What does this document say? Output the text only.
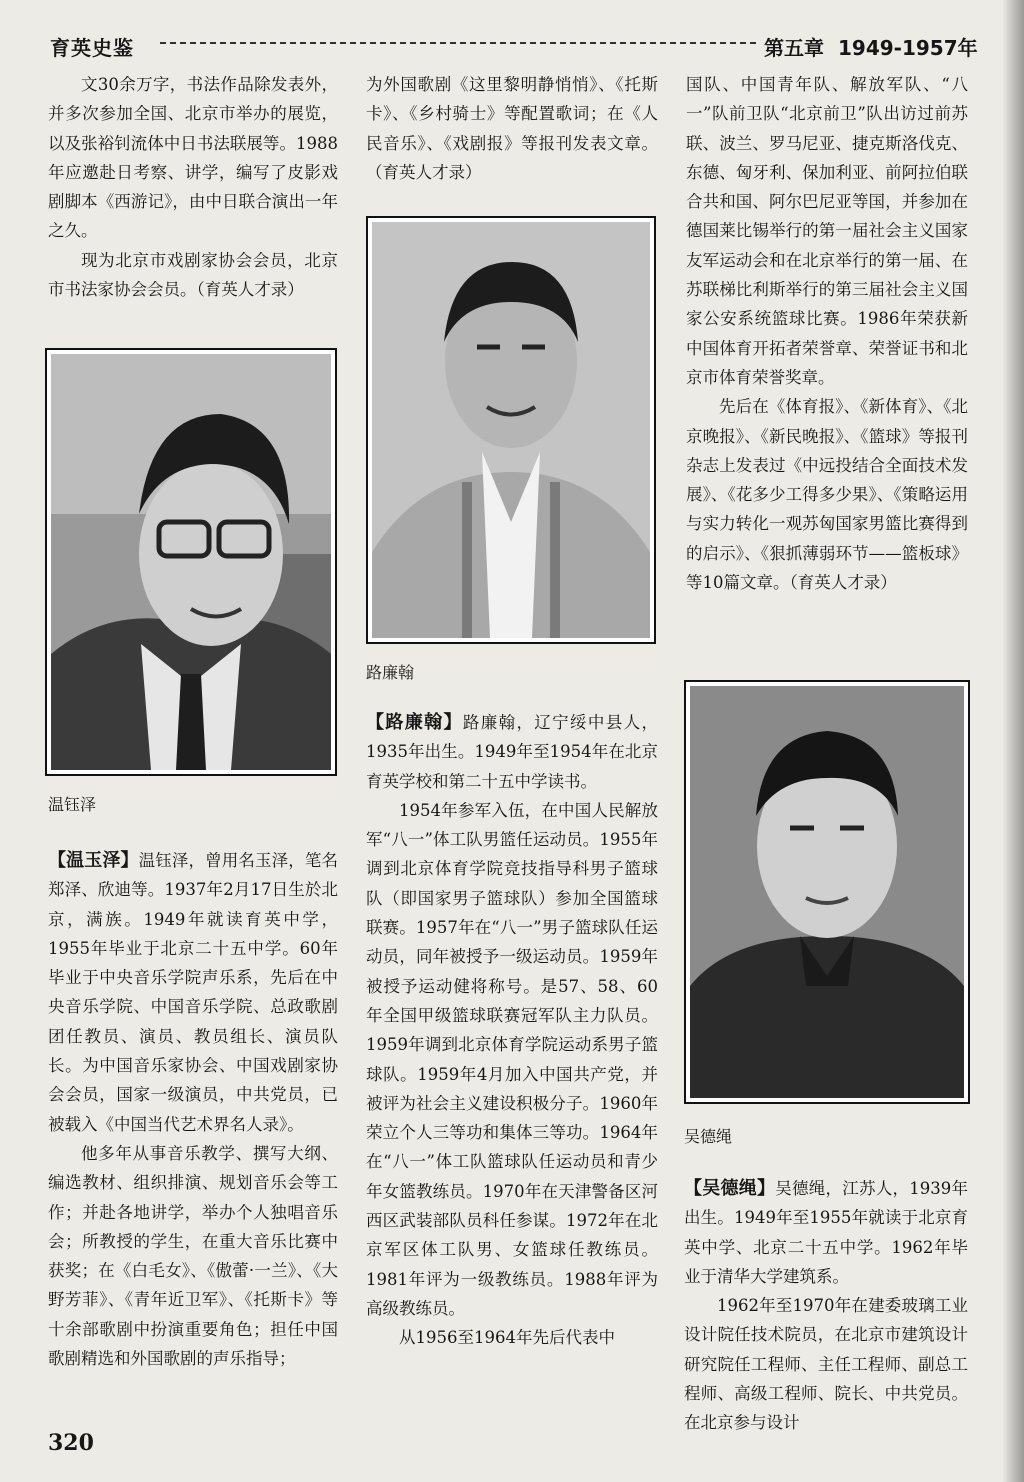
育英史鉴	第五章 1949-1957年

文30余万字，书法作品除发表外，并多次参加全国、北京市举办的展览，以及张裕钊流体中日书法联展等。1988年应邀赴日考察、讲学，编写了皮影戏剧脚本《西游记》，由中日联合演出一年之久。

现为北京市戏剧家协会会员，北京市书法家协会会员。（育英人才录）

温钰泽

【温玉泽】温钰泽，曾用名玉泽，笔名郑泽、欣迪等。1937年2月17日生於北京，满族。1949年就读育英中学，1955年毕业于北京二十五中学。60年毕业于中央音乐学院声乐系，先后在中央音乐学院、中国音乐学院、总政歌剧团任教员、演员、教员组长、演员队长。为中国音乐家协会、中国戏剧家协会会员，国家一级演员，中共党员，已被载入《中国当代艺术界名人录》。

他多年从事音乐教学、撰写大纲、编选教材、组织排演、规划音乐会等工作；并赴各地讲学，举办个人独唱音乐会；所教授的学生，在重大音乐比赛中获奖；在《白毛女》、《傲蕾·一兰》、《大野芳菲》、《青年近卫军》、《托斯卡》等十余部歌剧中扮演重要角色；担任中国歌剧精选和外国歌剧的声乐指导；

为外国歌剧《这里黎明静悄悄》、《托斯卡》、《乡村骑士》等配置歌词；在《人民音乐》、《戏剧报》等报刊发表文章。（育英人才录）

路廉翰

【路廉翰】路廉翰，辽宁绥中县人，1935年出生。1949年至1954年在北京育英学校和第二十五中学读书。

1954年参军入伍，在中国人民解放军“八一”体工队男篮任运动员。1955年调到北京体育学院竞技指导科男子篮球队（即国家男子篮球队）参加全国篮球联赛。1957年在“八一”男子篮球队任运动员，同年被授予一级运动员。1959年被授予运动健将称号。是57、58、60年全国甲级篮球联赛冠军队主力队员。1959年调到北京体育学院运动系男子篮球队。1959年4月加入中国共产党，并被评为社会主义建设积极分子。1960年荣立个人三等功和集体三等功。1964年在“八一”体工队篮球队任运动员和青少年女篮教练员。1970年在天津警备区河西区武装部队员科任参谋。1972年在北京军区体工队男、女篮球任教练员。1981年评为一级教练员。1988年评为高级教练员。

从1956至1964年先后代表中

国队、中国青年队、解放军队、“八一”队前卫队“北京前卫”队出访过前苏联、波兰、罗马尼亚、捷克斯洛伐克、东德、匈牙利、保加利亚、前阿拉伯联合共和国、阿尔巴尼亚等国，并参加在德国莱比锡举行的第一届社会主义国家友军运动会和在北京举行的第一届、在苏联梯比利斯举行的第三届社会主义国家公安系统篮球比赛。1986年荣获新中国体育开拓者荣誉章、荣誉证书和北京市体育荣誉奖章。

先后在《体育报》、《新体育》、《北京晚报》、《新民晚报》、《篮球》等报刊杂志上发表过《中远投结合全面技术发展》、《花多少工得多少果》、《策略运用与实力转化一观苏匈国家男篮比赛得到的启示》、《狠抓薄弱环节——篮板球》等10篇文章。（育英人才录）

吴德绳

【吴德绳】吴德绳，江苏人，1939年出生。1949年至1955年就读于北京育英中学、北京二十五中学。1962年毕业于清华大学建筑系。

1962年至1970年在建委玻璃工业设计院任技术院员，在北京市建筑设计研究院任工程师、主任工程师、副总工程师、高级工程师、院长、中共党员。在北京参与设计

320
